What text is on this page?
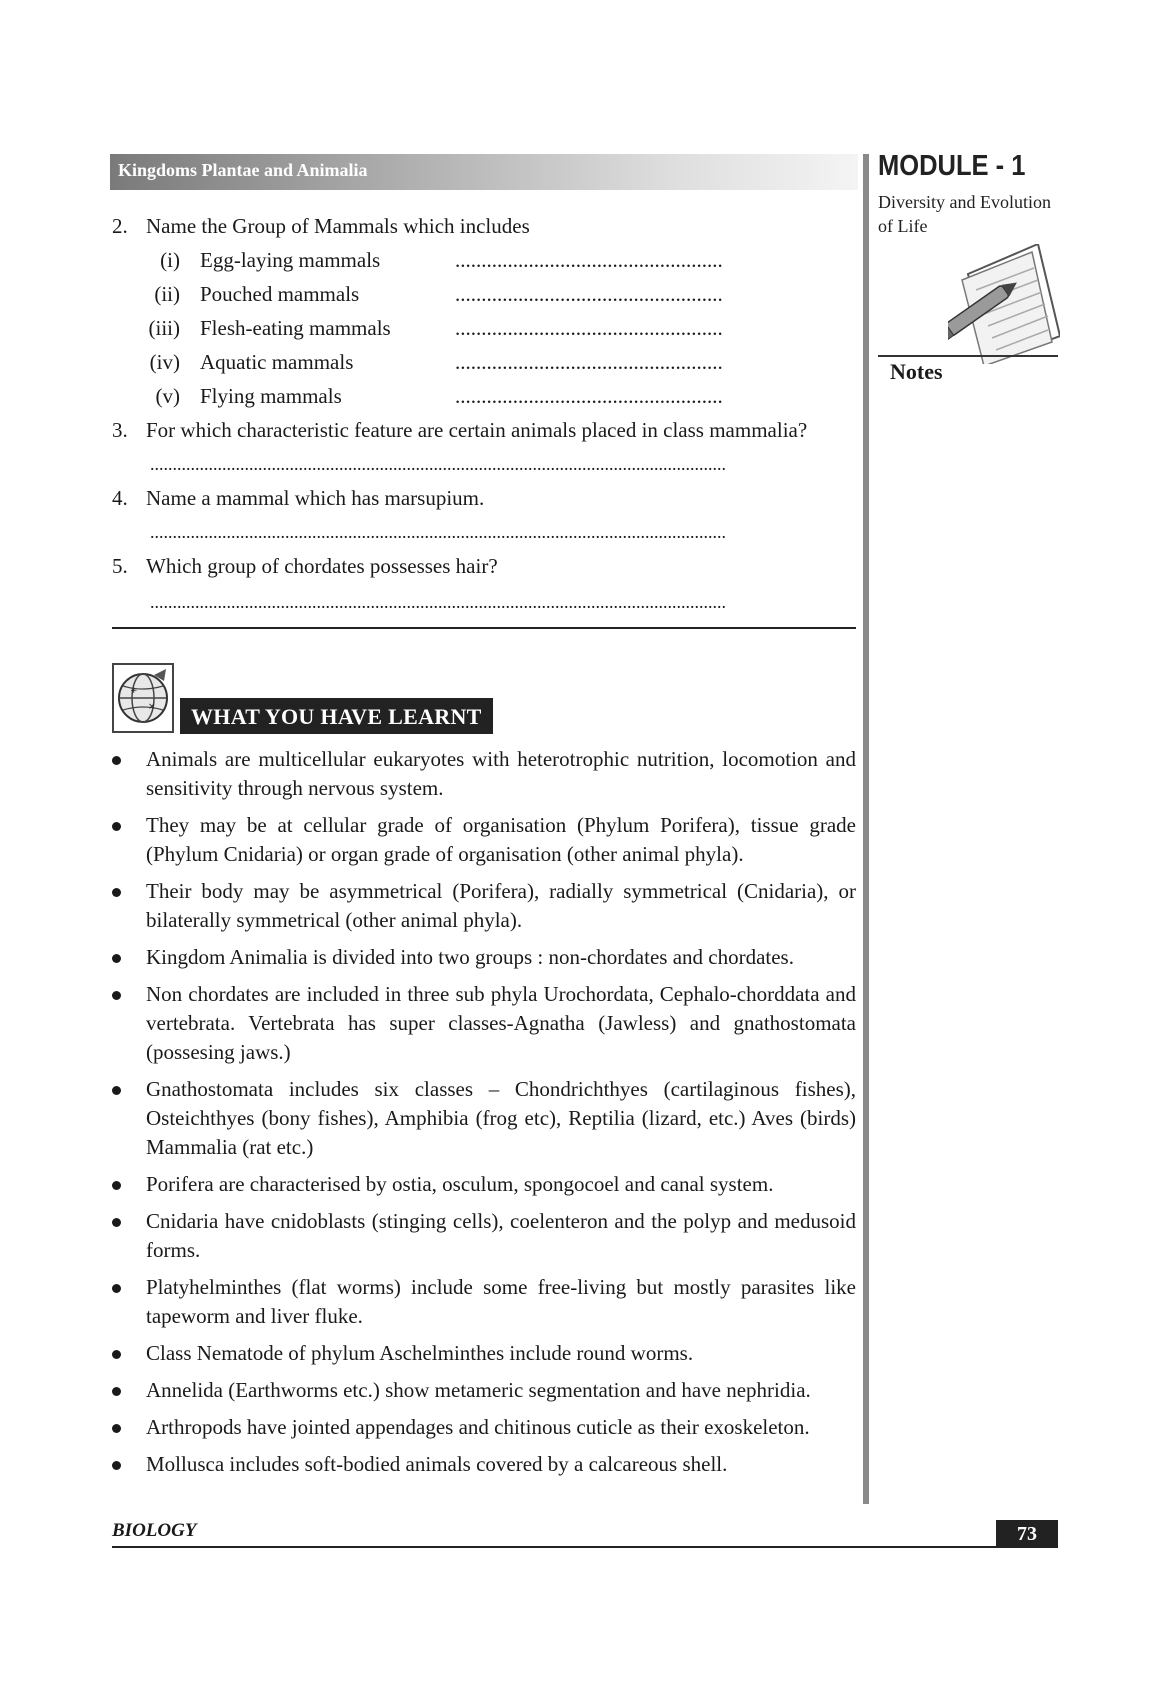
Kingdoms Plantae and Animalia	MODULE - 1
Diversity and Evolution of Life
Notes
2. Name the Group of Mammals which includes
(i) Egg-laying mammals	...................................................
(ii) Pouched mammals	...................................................
(iii) Flesh-eating mammals	...................................................
(iv) Aquatic mammals	...................................................
(v) Flying mammals	...................................................
3. For which characteristic feature are certain animals placed in class mammalia?
................................................................................................................................
4. Name a mammal which has marsupium.
................................................................................................................................
5. Which group of chordates possesses hair?
................................................................................................................................
+
×	WHAT YOU HAVE LEARNT
Animals are multicellular eukaryotes with heterotrophic nutrition, locomotion and sensitivity through nervous system.
They may be at cellular grade of organisation (Phylum Porifera), tissue grade (Phylum Cnidaria) or organ grade of organisation (other animal phyla).
Their body may be asymmetrical (Porifera), radially symmetrical (Cnidaria), or bilaterally symmetrical (other animal phyla).
Kingdom Animalia is divided into two groups : non-chordates and chordates.
Non chordates are included in three sub phyla Urochordata, Cephalo-chorddata and vertebrata. Vertebrata has super classes-Agnatha (Jawless) and gnathostomata (possesing jaws.)
Gnathostomata includes six classes – Chondrichthyes (cartilaginous fishes), Osteichthyes (bony fishes), Amphibia (frog etc), Reptilia (lizard, etc.) Aves (birds) Mammalia (rat etc.)
Porifera are characterised by ostia, osculum, spongocoel and canal system.
Cnidaria have cnidoblasts (stinging cells), coelenteron and the polyp and medusoid forms.
Platyhelminthes (flat worms) include some free-living but mostly parasites like tapeworm and liver fluke.
Class Nematode of phylum Aschelminthes include round worms.
Annelida (Earthworms etc.) show metameric segmentation and have nephridia.
Arthropods have jointed appendages and chitinous cuticle as their exoskeleton.
Mollusca includes soft-bodied animals covered by a calcareous shell.
BIOLOGY	73
